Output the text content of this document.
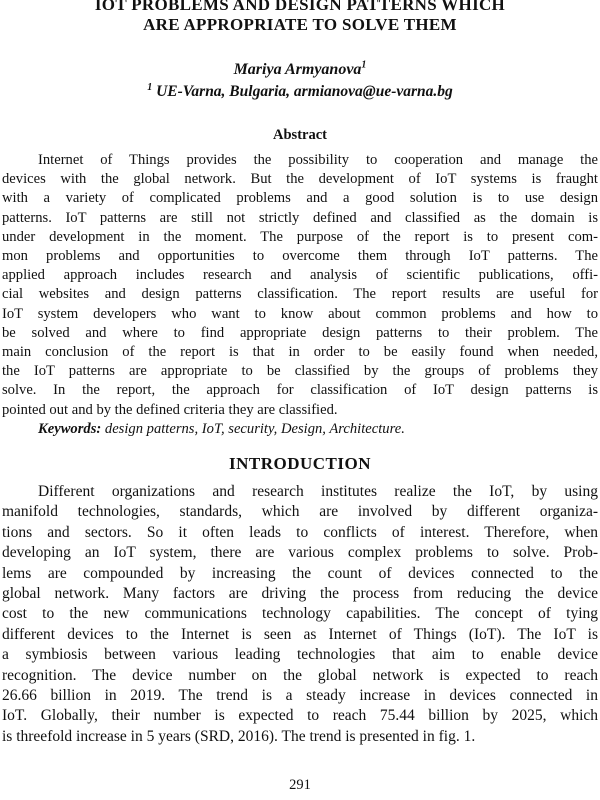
IOT PROBLEMS AND DESIGN PATTERNS WHICH
ARE APPROPRIATE TO SOLVE THEM
Mariya Armyanova$^1$
$^1$ UE-Varna, Bulgaria, armianova@ue-varna.bg
Abstract
Internet of Things provides the possibility to cooperation and manage the
devices with the global network. But the development of IoT systems is fraught
with a variety of complicated problems and a good solution is to use design
patterns. IoT patterns are still not strictly defined and classified as the domain is
under development in the moment. The purpose of the report is to present com-
mon problems and opportunities to overcome them through IoT patterns. The
applied approach includes research and analysis of scientific publications, offi-
cial websites and design patterns classification. The report results are useful for
IoT system developers who want to know about common problems and how to
be solved and where to find appropriate design patterns to their problem. The
main conclusion of the report is that in order to be easily found when needed,
the IoT patterns are appropriate to be classified by the groups of problems they
solve. In the report, the approach for classification of IoT design patterns is
pointed out and by the defined criteria they are classified.
Keywords: design patterns, IoT, security, Design, Architecture.
INTRODUCTION
Different organizations and research institutes realize the IoT, by using
manifold technologies, standards, which are involved by different organiza-
tions and sectors. So it often leads to conflicts of interest. Therefore, when
developing an IoT system, there are various complex problems to solve. Prob-
lems are compounded by increasing the count of devices connected to the
global network. Many factors are driving the process from reducing the device
cost to the new communications technology capabilities. The concept of tying
different devices to the Internet is seen as Internet of Things (IoT). The IoT is
a symbiosis between various leading technologies that aim to enable device
recognition. The device number on the global network is expected to reach
26.66 billion in 2019. The trend is a steady increase in devices connected in
IoT. Globally, their number is expected to reach 75.44 billion by 2025, which
is threefold increase in 5 years (SRD, 2016). The trend is presented in fig. 1.
291
